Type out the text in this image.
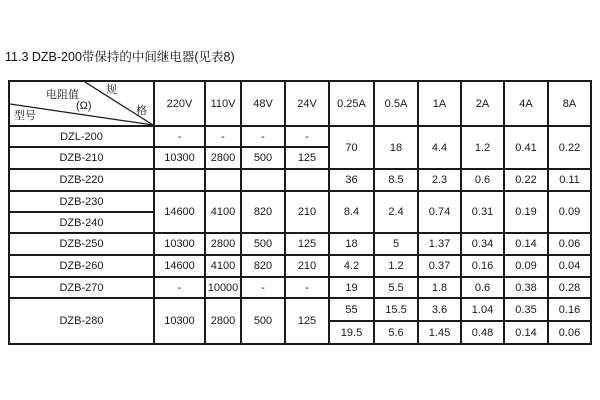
11.3 DZB-200带保持的中间继电器(见表8)
电阻值
(Ω)
规
格
型号	220V	110V	48V	24V	0.25A	0.5A	1A	2A	4A	8A
DZL-200	-	-	-	-	70	18	4.4	1.2	0.41	0.22
DZB-210	10300	2800	500	125						
DZB-220					36	8.5	2.3	0.6	0.22	0.11
DZB-230	14600	4100	820	210	8.4	2.4	0.74	0.31	0.19	0.09
DZB-240										
DZB-250	10300	2800	500	125	18	5	1.37	0.34	0.14	0.06
DZB-260	14600	4100	820	210	4.2	1.2	0.37	0.16	0.09	0.04
DZB-270	-	10000	-	-	19	5.5	1.8	0.6	0.38	0.28
DZB-280	10300	2800	500	125	55	15.5	3.6	1.04	0.35	0.16
					19.5	5.6	1.45	0.48	0.14	0.06
